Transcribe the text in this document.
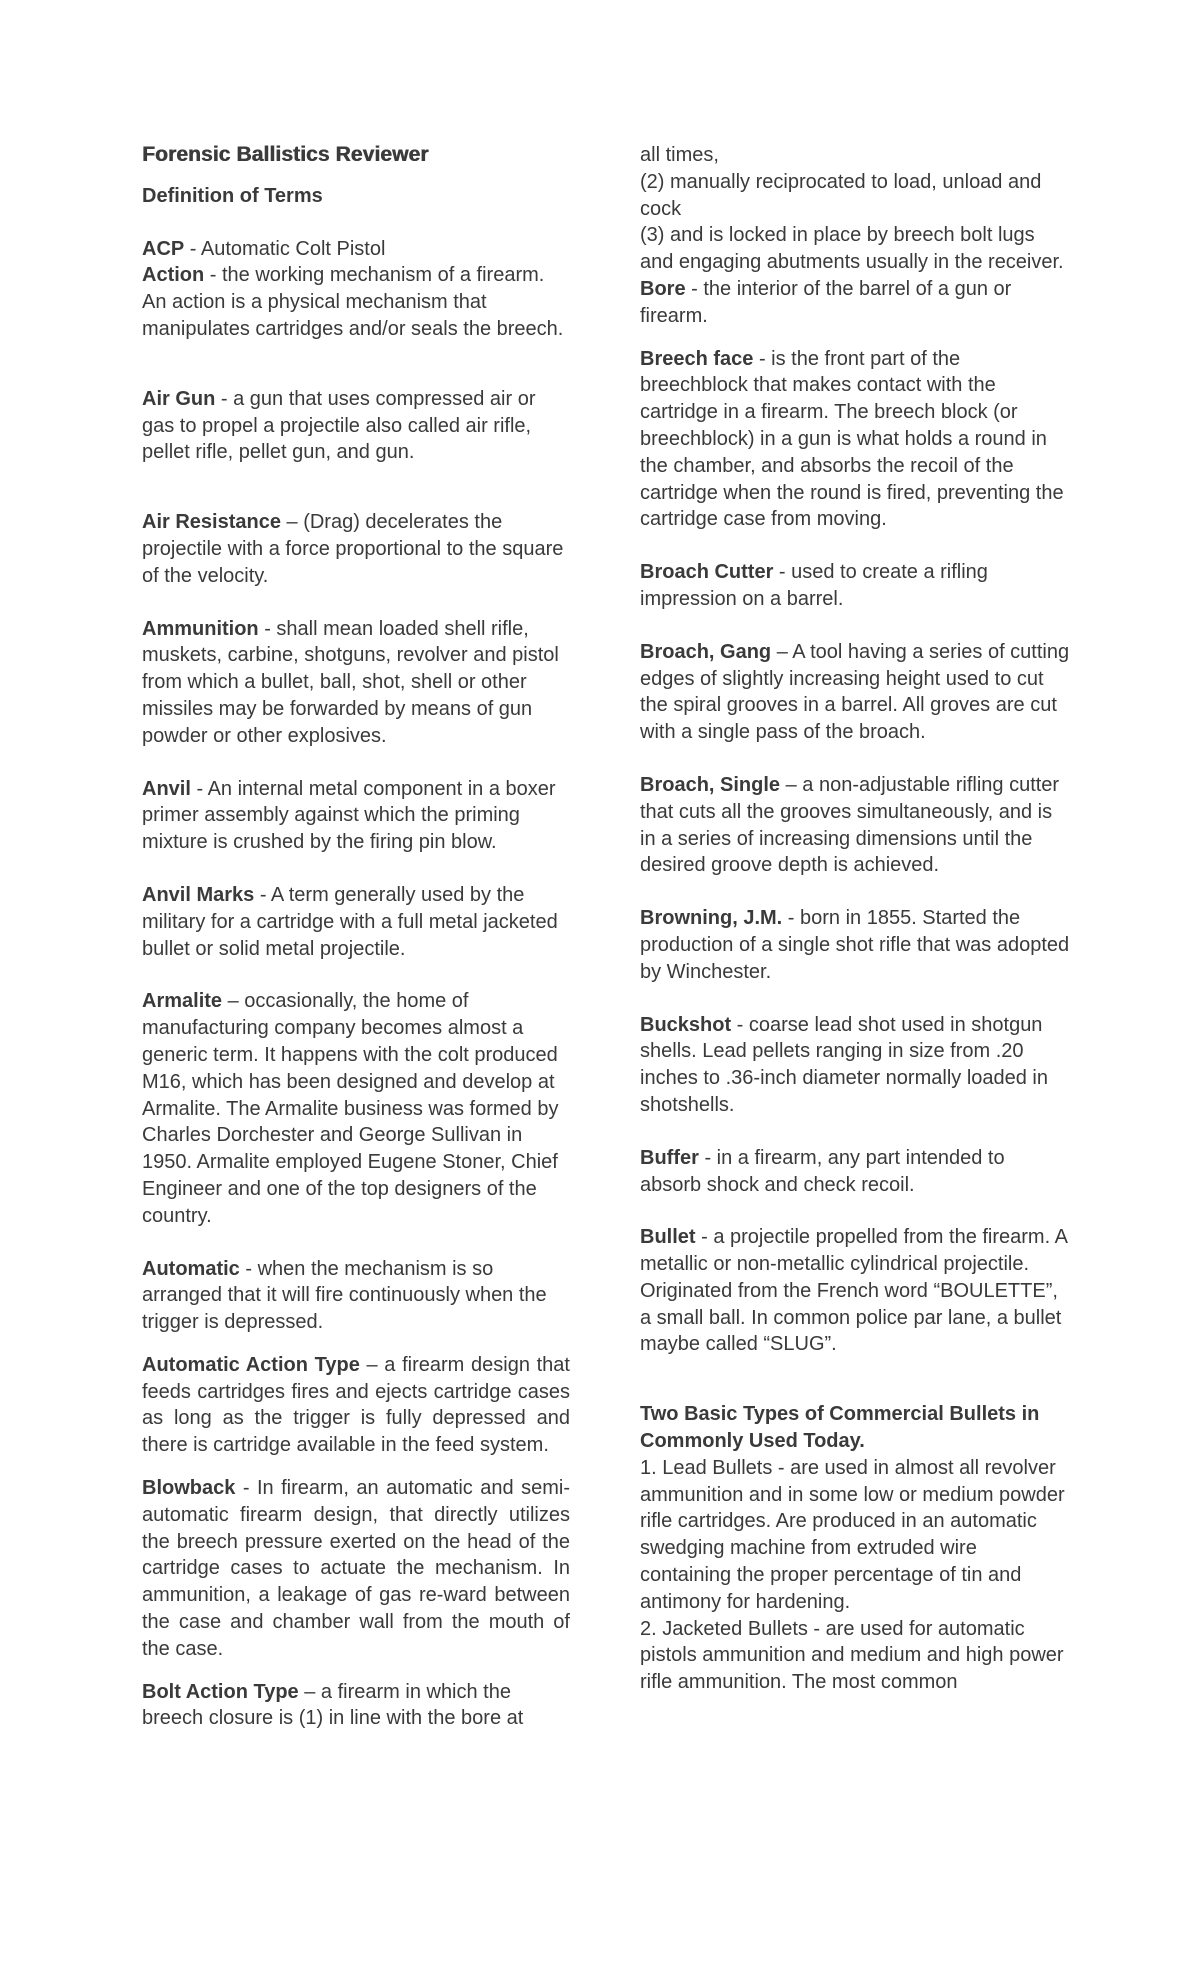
Forensic Ballistics Reviewer
Definition of Terms
ACP - Automatic Colt Pistol
Action - the working mechanism of a firearm. An action is a physical mechanism that manipulates cartridges and/or seals the breech.
Air Gun - a gun that uses compressed air or gas to propel a projectile also called air rifle, pellet rifle, pellet gun, and gun.
Air Resistance – (Drag) decelerates the projectile with a force proportional to the square of the velocity.
Ammunition - shall mean loaded shell rifle, muskets, carbine, shotguns, revolver and pistol from which a bullet, ball, shot, shell or other missiles may be forwarded by means of gun powder or other explosives.
Anvil - An internal metal component in a boxer primer assembly against which the priming mixture is crushed by the firing pin blow.
Anvil Marks - A term generally used by the military for a cartridge with a full metal jacketed bullet or solid metal projectile.
Armalite – occasionally, the home of manufacturing company becomes almost a generic term. It happens with the colt produced M16, which has been designed and develop at Armalite. The Armalite business was formed by Charles Dorchester and George Sullivan in 1950. Armalite employed Eugene Stoner, Chief Engineer and one of the top designers of the country.
Automatic - when the mechanism is so arranged that it will fire continuously when the trigger is depressed.
Automatic Action Type – a firearm design that feeds cartridges fires and ejects cartridge cases as long as the trigger is fully depressed and there is cartridge available in the feed system.
Blowback - In firearm, an automatic and semi-automatic firearm design, that directly utilizes the breech pressure exerted on the head of the cartridge cases to actuate the mechanism. In ammunition, a leakage of gas re-ward between the case and chamber wall from the mouth of the case.
Bolt Action Type – a firearm in which the breech closure is (1) in line with the bore at
all times,
(2) manually reciprocated to load, unload and cock
(3) and is locked in place by breech bolt lugs and engaging abutments usually in the receiver.
Bore - the interior of the barrel of a gun or firearm.
Breech face - is the front part of the breechblock that makes contact with the cartridge in a firearm. The breech block (or breechblock) in a gun is what holds a round in the chamber, and absorbs the recoil of the cartridge when the round is fired, preventing the cartridge case from moving.
Broach Cutter - used to create a rifling impression on a barrel.
Broach, Gang – A tool having a series of cutting edges of slightly increasing height used to cut the spiral grooves in a barrel. All groves are cut with a single pass of the broach.
Broach, Single – a non-adjustable rifling cutter that cuts all the grooves simultaneously, and is in a series of increasing dimensions until the desired groove depth is achieved.
Browning, J.M. - born in 1855. Started the production of a single shot rifle that was adopted by Winchester.
Buckshot - coarse lead shot used in shotgun shells. Lead pellets ranging in size from .20 inches to .36-inch diameter normally loaded in shotshells.
Buffer - in a firearm, any part intended to absorb shock and check recoil.
Bullet - a projectile propelled from the firearm. A metallic or non-metallic cylindrical projectile. Originated from the French word “BOULETTE”, a small ball. In common police par lane, a bullet maybe called “SLUG”.
Two Basic Types of Commercial Bullets in Commonly Used Today.
1. Lead Bullets - are used in almost all revolver ammunition and in some low or medium powder rifle cartridges. Are produced in an automatic swedging machine from extruded wire containing the proper percentage of tin and antimony for hardening.
2. Jacketed Bullets - are used for automatic pistols ammunition and medium and high power rifle ammunition. The most common
